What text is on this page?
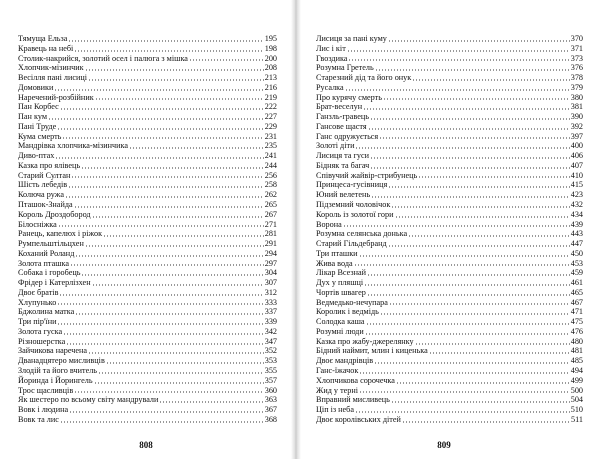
Тямуща Ельза	195
Кравець на небі	198
Столик-накрийся, золотий осел і палюга з мішка	200
Хлопчик-мізинчик	208
Весілля пані лисиці	213
Домовики	216
Наречений-розбійник	219
Пан Корбес	222
Пан кум	227
Пані Труде	229
Кума смерть	231
Мандрівка хлопчика-мізинчика	235
Диво-птах	241
Казка про ялівець	244
Старий Султан	256
Шість лебедів	258
Колюча ружа	262
Пташок-Знайда	265
Король Дроздобород	267
Білосніжка	271
Ранець, капелюх і ріжок	281
Румпельштільцхен	291
Коханий Роланд	294
Золота пташка	297
Собака і горобець	304
Фрідер і Катерлізхен	307
Двоє братів	312
Хлупунько	333
Бджолина матка	337
Три пір'їни	339
Золота гуска	342
Різношерстка	347
Зайчикова наречена	352
Дванадцятеро мисливців	353
Злодій та його вчитель	355
Йоринда і Йорингель	357
Трос щасливців	360
Як шестеро по всьому світу мандрували	363
Вовк і людина	367
Вовк та лис	368
808
Лисиця за пані куму	370
Лис і кіт	371
Гвоздика	373
Розумна Гретель	376
Старезний дід та його онук	378
Русалка	379
Про курячу смерть	380
Брат-веселун	381
Ганзль-гравець	390
Гансове щастя	392
Ганс одружується	397
Золоті діти	400
Лисиця та гуси	406
Бідняк та багач	407
Співучий жайвір-стрибунець	410
Принцеса-гусівниця	415
Юний велетень	423
Підземний чоловічок	432
Король із золотої гори	434
Ворона	439
Розумна селянська донька	443
Старий Гільдебранд	447
Три пташки	450
Жива вода	453
Лікар Всезнай	459
Дух у пляшці	461
Чортів швагер	465
Ведмедько-нечупара	467
Королик і ведмідь	471
Солодка каша	475
Розумні люди	476
Казка про жабу-джерелянку	480
Бідний наймит, млин і киценька	481
Двоє мандрівців	485
Ганс-їжачок	494
Хлопчикова сорочечка	499
Жид у терні	500
Вправний мисливець	504
Ціп із неба	510
Двоє королівських дітей	511
809
